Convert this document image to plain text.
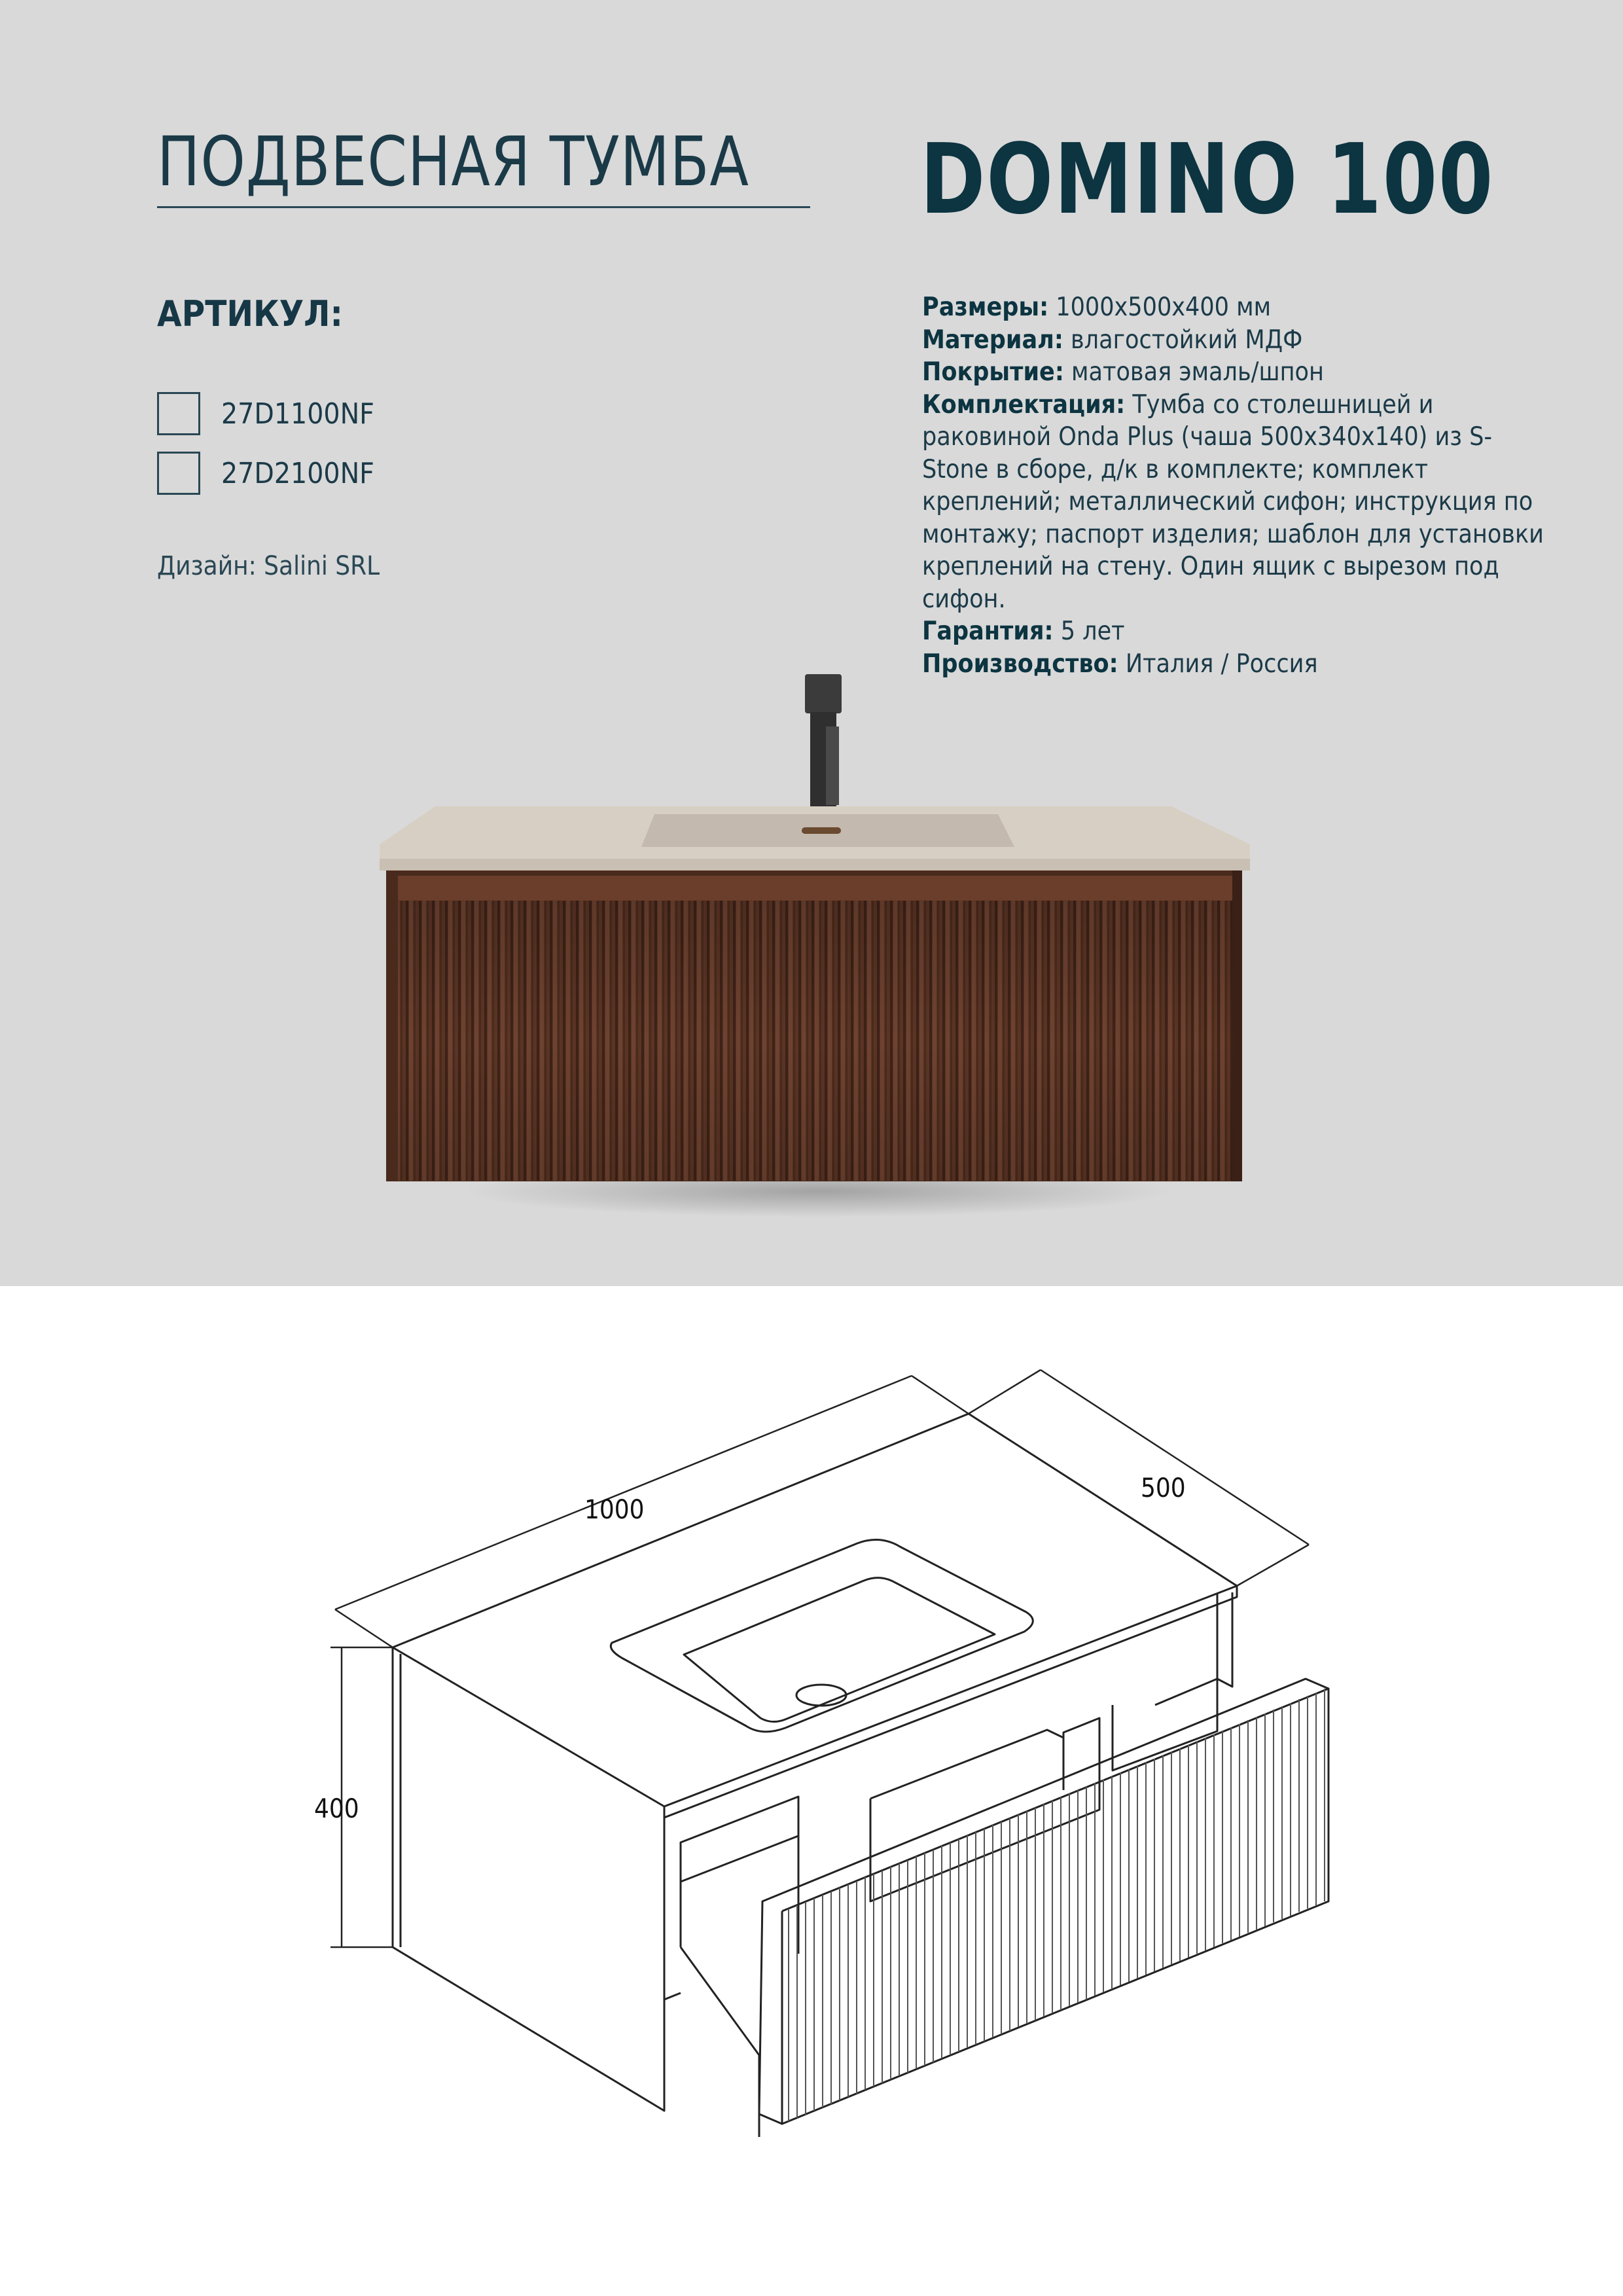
ПОДВЕСНАЯ ТУМБА DOMINO 100
АРТИКУЛ:
27D1100NF
27D2100NF
Дизайн: Salini SRL

Размеры: 1000х500х400 мм

Материал: влагостойкий МДФ

Покрытие: матовая эмаль/шпон

Комплектация: Тумба со столешницей и раковиной Onda Plus (чаша 500х340х140) из S-Stone в сборе, д/к в комплекте; комплект креплений; металлический сифон; инструкция по монтажу; паспорт изделия; шаблон для установки креплений на стену. Один ящик с вырезом под сифон.

Гарантия: 5 лет

Производство: Италия / Россия

1000
500
400
